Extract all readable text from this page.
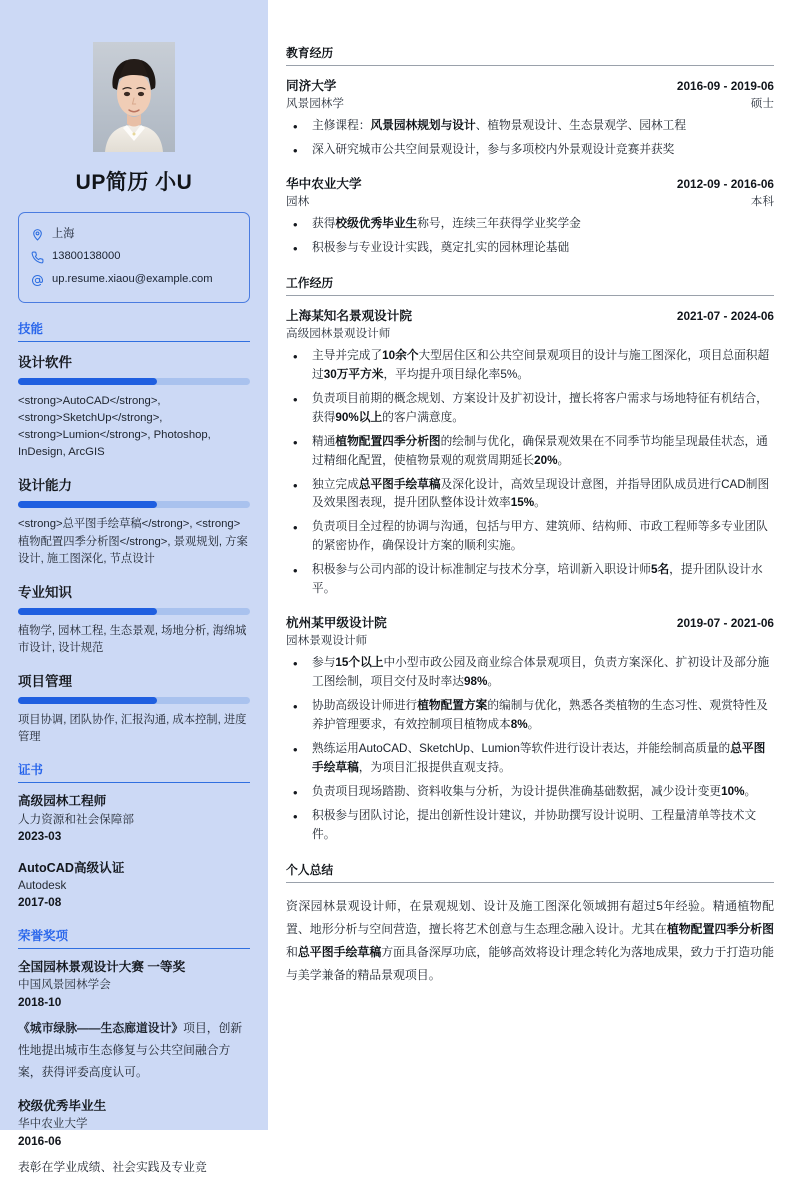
UP简历 小U
上海
13800138000
up.resume.xiaou@example.com
技能
设计软件
<strong>AutoCAD</strong>, <strong>SketchUp</strong>, <strong>Lumion</strong>, Photoshop, InDesign, ArcGIS
设计能力
<strong>总平图手绘草稿</strong>, <strong>植物配置四季分析图</strong>, 景观规划, 方案设计, 施工图深化, 节点设计
专业知识
植物学, 园林工程, 生态景观, 场地分析, 海绵城市设计, 设计规范
项目管理
项目协调, 团队协作, 汇报沟通, 成本控制, 进度管理
证书
高级园林工程师
人力资源和社会保障部
2023-03
AutoCAD高级认证
Autodesk
2017-08
荣誉奖项
全国园林景观设计大赛 一等奖
中国风景园林学会
2018-10
《城市绿脉——生态廊道设计》项目，创新性地提出城市生态修复与公共空间融合方案，获得评委高度认可。
校级优秀毕业生
华中农业大学
2016-06
表彰在学业成绩、社会实践及专业竞
教育经历
同济大学	2016-09 - 2019-06
风景园林学	硕士
• 主修课程：风景园林规划与设计、植物景观设计、生态景观学、园林工程
• 深入研究城市公共空间景观设计，参与多项校内外景观设计竞赛并获奖
华中农业大学	2012-09 - 2016-06
园林	本科
• 获得校级优秀毕业生称号，连续三年获得学业奖学金
• 积极参与专业设计实践，奠定扎实的园林理论基础
工作经历
上海某知名景观设计院	2021-07 - 2024-06
高级园林景观设计师
• 主导并完成了10余个大型居住区和公共空间景观项目的设计与施工图深化，项目总面积超过30万平方米，平均提升项目绿化率5%。
• 负责项目前期的概念规划、方案设计及扩初设计，擅长将客户需求与场地特征有机结合，获得90%以上的客户满意度。
• 精通植物配置四季分析图的绘制与优化，确保景观效果在不同季节均能呈现最佳状态，通过精细化配置，使植物景观的观赏周期延长20%。
• 独立完成总平图手绘草稿及深化设计，高效呈现设计意图，并指导团队成员进行CAD制图及效果图表现，提升团队整体设计效率15%。
• 负责项目全过程的协调与沟通，包括与甲方、建筑师、结构师、市政工程师等多专业团队的紧密协作，确保设计方案的顺利实施。
• 积极参与公司内部的设计标准制定与技术分享，培训新入职设计师5名，提升团队设计水平。
杭州某甲级设计院	2019-07 - 2021-06
园林景观设计师
• 参与15个以上中小型市政公园及商业综合体景观项目，负责方案深化、扩初设计及部分施工图绘制，项目交付及时率达98%。
• 协助高级设计师进行植物配置方案的编制与优化，熟悉各类植物的生态习性、观赏特性及养护管理要求，有效控制项目植物成本8%。
• 熟练运用AutoCAD、SketchUp、Lumion等软件进行设计表达，并能绘制高质量的总平图手绘草稿，为项目汇报提供直观支持。
• 负责项目现场踏勘、资料收集与分析，为设计提供准确基础数据，减少设计变更10%。
• 积极参与团队讨论，提出创新性设计建议，并协助撰写设计说明、工程量清单等技术文件。
个人总结

资深园林景观设计师，在景观规划、设计及施工图深化领域拥有超过5年经验。精通植物配置、地形分析与空间营造，擅长将艺术创意与生态理念融入设计。尤其在植物配置四季分析图和总平图手绘草稿方面具备深厚功底，能够高效将设计理念转化为落地成果，致力于打造功能与美学兼备的精品景观项目。
